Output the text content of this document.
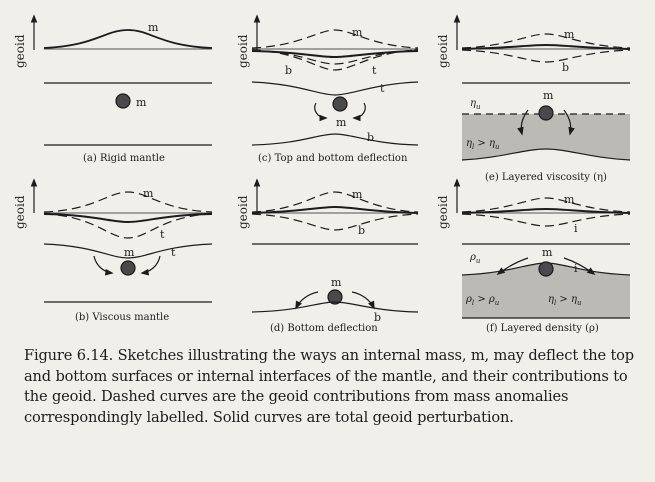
geoid
m
m
(a) Rigid mantle
geoid
m
b	t
t
m
b
(c) Top and bottom deflection
geoid	m
b
m
$\eta_u$
$\eta_l > \eta_u$
(e) Layered viscosity (η)
geoid
m
t
t
m
(b) Viscous mantle
geoid
m
b
m
b
(d) Bottom deflection
geoid	m
i
i
m
$\rho_u$
$\rho_l > \rho_u$	$\eta_l > \eta_u$
(f) Layered density (ρ)
Figure 6.14. Sketches illustrating the ways an internal mass, m, may deflect the top and bottom surfaces or internal interfaces of the mantle, and their contributions to the geoid. Dashed curves are the geoid contributions from mass anomalies correspondingly labelled. Solid curves are total geoid perturbation.
